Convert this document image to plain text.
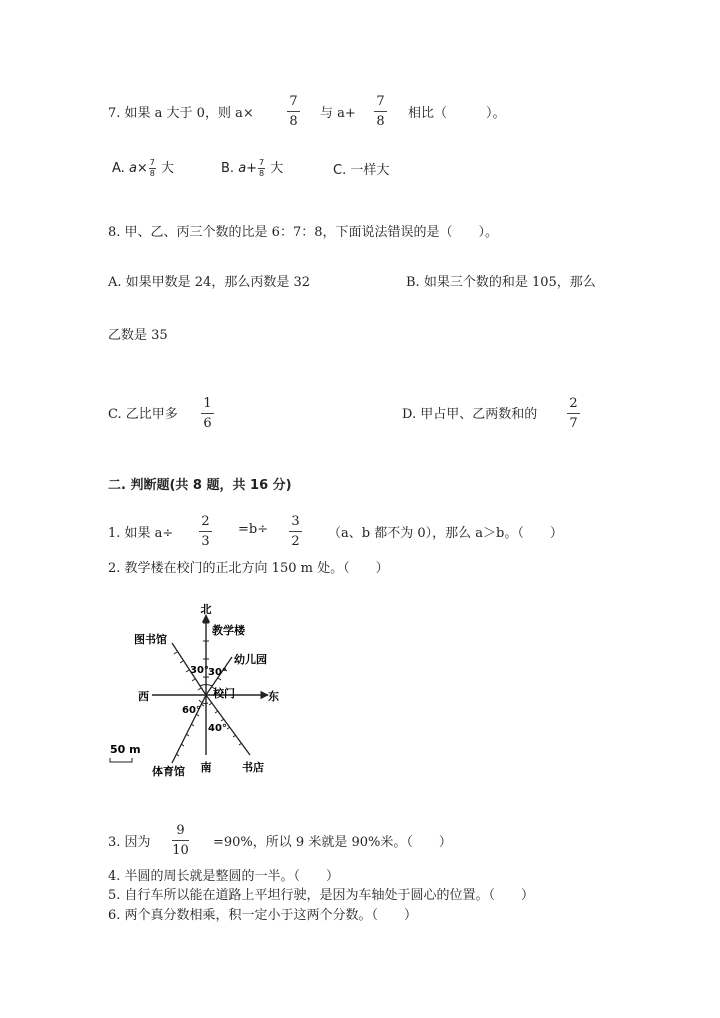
7. 如果 a 大于 0，则 a×
7
8
与 a+
7
8
相比（　　　）。
A. $a\times \frac{7}{8}$ 大	B. $a+ \frac{7}{8}$ 大	C. 一样大
8. 甲、乙、丙三个数的比是 6：7：8，下面说法错误的是（　　）。
A. 如果甲数是 24，那么丙数是 32	B. 如果三个数的和是 105，那么
乙数是 35
C. 乙比甲多
1
6
D. 甲占甲、乙两数和的
2
7
二. 判断题(共 8 题，共 16 分)
1. 如果 a÷
2
3
=b÷
3
2
（a、b 都不为 0），那么 a＞b。（　　）
2. 教学楼在校门的正北方向 150 m 处。（　　）
北
教学楼
图书馆
30° 30°
幼儿园
校门
西	东
60°
40°
50 m
南
体育馆	书店
3. 因为
9
10
=90%，所以 9 米就是 90%米。（　　）
4. 半圆的周长就是整圆的一半。（　　）
5. 自行车所以能在道路上平坦行驶，是因为车轴处于圆心的位置。（　　）
6. 两个真分数相乘，积一定小于这两个分数。（　　）
